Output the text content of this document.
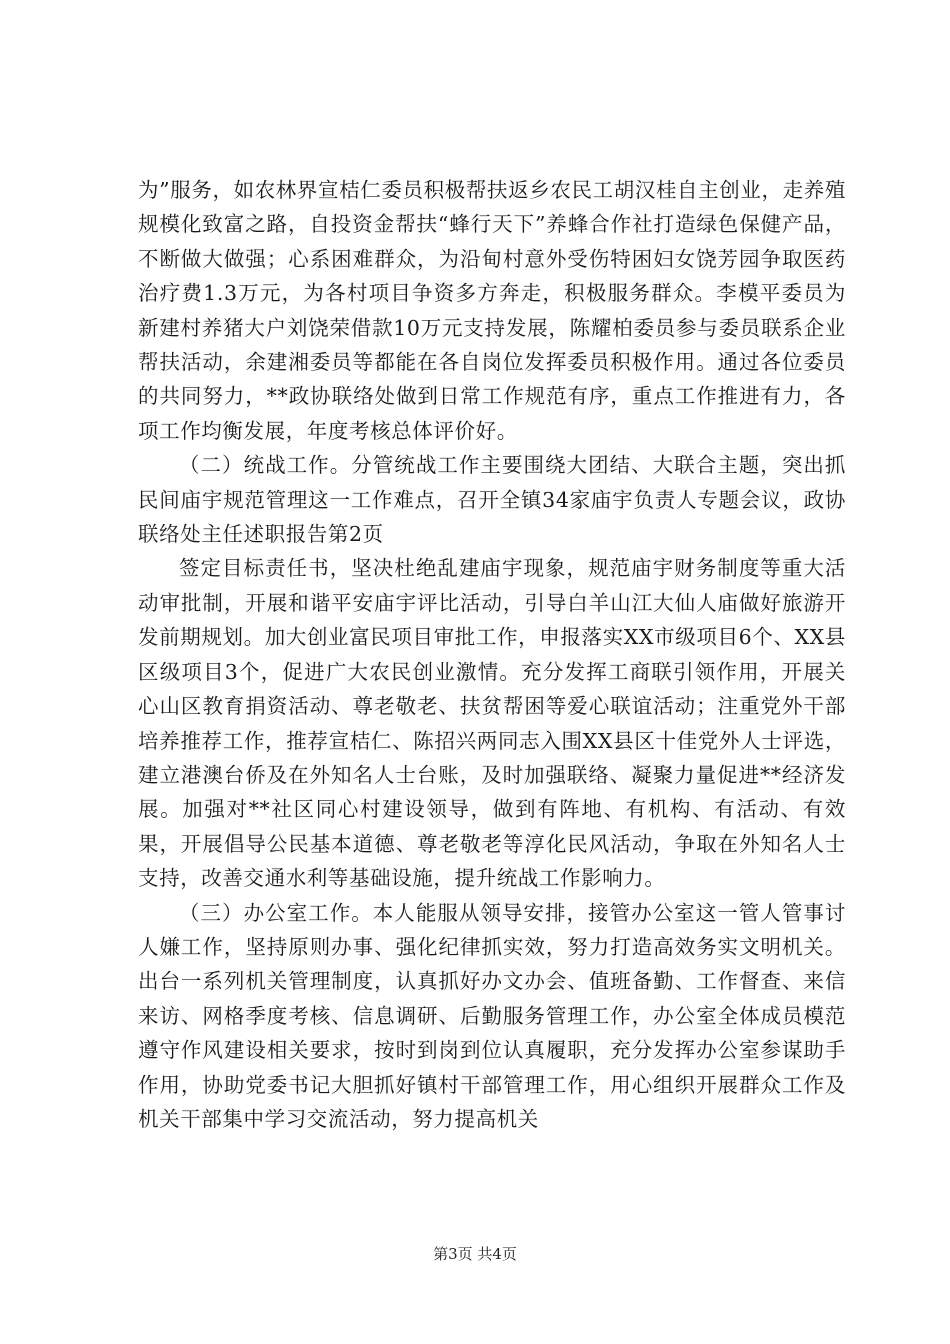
为”服务，如农林界宣桔仁委员积极帮扶返乡农民工胡汉桂自主创业，走养殖规模化致富之路，自投资金帮扶“蜂行天下”养蜂合作社打造绿色保健产品，不断做大做强；心系困难群众，为沿甸村意外受伤特困妇女饶芳园争取医药治疗费1.3万元，为各村项目争资多方奔走，积极服务群众。李模平委员为新建村养猪大户刘饶荣借款10万元支持发展，陈耀柏委员参与委员联系企业帮扶活动，余建湘委员等都能在各自岗位发挥委员积极作用。通过各位委员的共同努力，**政协联络处做到日常工作规范有序，重点工作推进有力，各项工作均衡发展，年度考核总体评价好。

（二）统战工作。分管统战工作主要围绕大团结、大联合主题，突出抓民间庙宇规范管理这一工作难点，召开全镇34家庙宇负责人专题会议，政协联络处主任述职报告第2页

签定目标责任书，坚决杜绝乱建庙宇现象，规范庙宇财务制度等重大活动审批制，开展和谐平安庙宇评比活动，引导白羊山江大仙人庙做好旅游开发前期规划。加大创业富民项目审批工作，申报落实XX市级项目6个、XX县区级项目3个，促进广大农民创业激情。充分发挥工商联引领作用，开展关心山区教育捐资活动、尊老敬老、扶贫帮困等爱心联谊活动；注重党外干部培养推荐工作，推荐宣桔仁、陈招兴两同志入围XX县区十佳党外人士评选，建立港澳台侨及在外知名人士台账，及时加强联络、凝聚力量促进**经济发展。加强对**社区同心村建设领导，做到有阵地、有机构、有活动、有效果，开展倡导公民基本道德、尊老敬老等淳化民风活动，争取在外知名人士支持，改善交通水利等基础设施，提升统战工作影响力。

（三）办公室工作。本人能服从领导安排，接管办公室这一管人管事讨人嫌工作，坚持原则办事、强化纪律抓实效，努力打造高效务实文明机关。出台一系列机关管理制度，认真抓好办文办会、值班备勤、工作督查、来信来访、网格季度考核、信息调研、后勤服务管理工作，办公室全体成员模范遵守作风建设相关要求，按时到岗到位认真履职，充分发挥办公室参谋助手作用，协助党委书记大胆抓好镇村干部管理工作，用心组织开展群众工作及机关干部集中学习交流活动，努力提高机关

第3页 共4页
